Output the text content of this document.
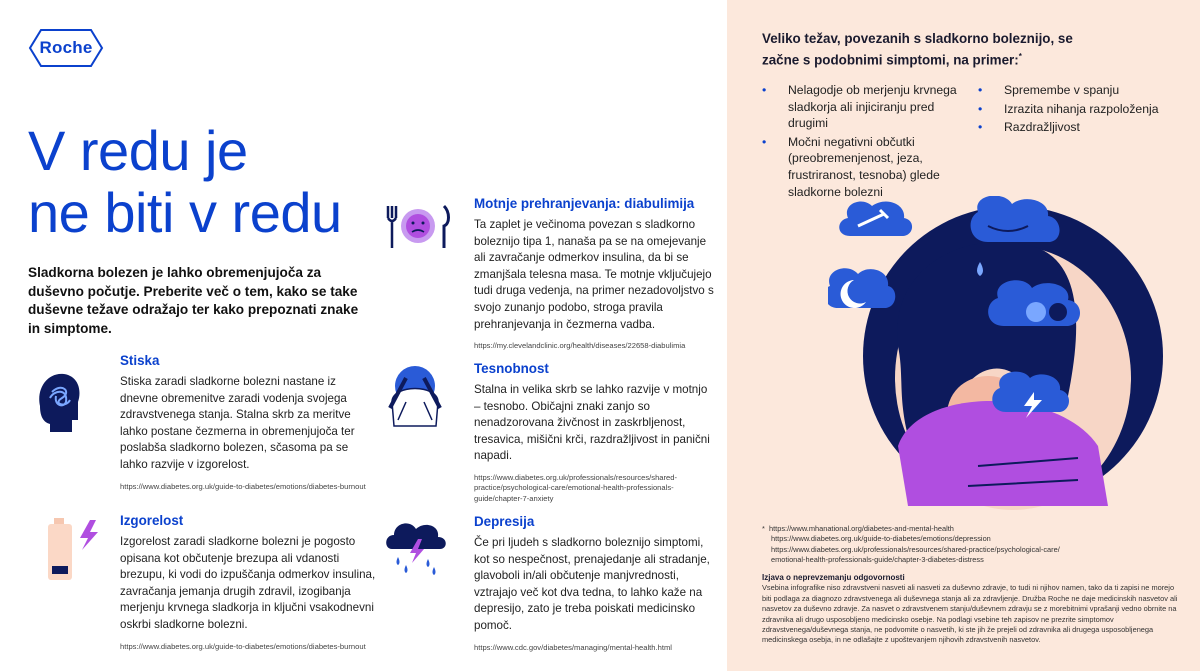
Roche
V redu je
ne biti v redu
Sladkorna bolezen je lahko obremenjujoča za duševno počutje. Preberite več o tem, kako se take duševne težave odražajo ter kako prepoznati znake in simptome.
Stiska
Stiska zaradi sladkorne bolezni nastane iz dnevne obremenitve zaradi vodenja svojega zdravstvenega stanja. Stalna skrb za meritve lahko postane čezmerna in obremenjujoča ter poslabša sladkorno bolezen, sčasoma pa se lahko razvije v izgorelost.
https://www.diabetes.org.uk/guide-to-diabetes/emotions/diabetes-burnout
Izgorelost
Izgorelost zaradi sladkorne bolezni je pogosto opisana kot občutenje brezupa ali vdanosti brezupu, ki vodi do izpuščanja odmerkov insulina, zavračanja jemanja drugih zdravil, izogibanja merjenju krvnega sladkorja in ključni vsakodnevni oskrbi sladkorne bolezni.
https://www.diabetes.org.uk/guide-to-diabetes/emotions/diabetes-burnout
Motnje prehranjevanja: diabulimija
Ta zaplet je večinoma povezan s sladkorno boleznijo tipa 1, nanaša pa se na omejevanje ali zavračanje odmerkov insulina, da bi se zmanjšala telesna masa. Te motnje vključujejo tudi druga vedenja, na primer nezadovoljstvo s svojo zunanjo podobo, stroga pravila prehranjevanja in čezmerna vadba.
https://my.clevelandclinic.org/health/diseases/22658-diabulimia
Tesnobnost
Stalna in velika skrb se lahko razvije v motnjo – tesnobo. Običajni znaki zanjo so nenadzorovana živčnost in zaskrbljenost, tresavica, mišični krči, razdražljivost in panični napadi.
https://www.diabetes.org.uk/professionals/resources/shared-practice/psychological-care/emotional-health-professionals-guide/chapter-7-anxiety
Depresija
Če pri ljudeh s sladkorno boleznijo simptomi, kot so nespečnost, prenajedanje ali stradanje, glavoboli in/ali občutenje manjvrednosti, vztrajajo več kot dva tedna, to lahko kaže na depresijo, zato je treba poiskati medicinsko pomoč.
https://www.cdc.gov/diabetes/managing/mental-health.html
Veliko težav, povezanih s sladkorno boleznijo, se začne s podobnimi simptomi, na primer:*
• Nelagodje ob merjenju krvnega sladkorja ali injiciranju pred drugimi
• Močni negativni občutki (preobremenjenost, jeza, frustriranost, tesnoba) glede sladkorne bolezni
• Spremembe v spanju
• Izrazita nihanja razpoloženja
• Razdražljivost
* https://www.mhanational.org/diabetes-and-mental-health
https://www.diabetes.org.uk/guide-to-diabetes/emotions/depression
https://www.diabetes.org.uk/professionals/resources/shared-practice/psychological-care/
emotional-health-professionals-guide/chapter-3-diabetes-distress
Izjava o neprevzemanju odgovornosti
Vsebina infografike niso zdravstveni nasveti ali nasveti za duševno zdravje, to tudi ni njihov namen, tako da ti zapisi ne morejo biti podlaga za diagnozo zdravstvenega ali duševnega stanja ali za zdravljenje. Družba Roche ne daje medicinskih nasvetov ali nasvetov za duševno zdravje. Za nasvet o zdravstvenem stanju/duševnem zdravju se z morebitnimi vprašanji vedno obrnite na zdravnika ali drugo usposobljeno medicinsko osebje. Na podlagi vsebine teh zapisov ne prezrite simptomov zdravstvenega/duševnega stanja, ne podvomite o nasvetih, ki ste jih že prejeli od zdravnika ali drugega usposobljenega medicinskega osebja, in ne odlašajte z upoštevanjem njihovih zdravstvenih nasvetov.
